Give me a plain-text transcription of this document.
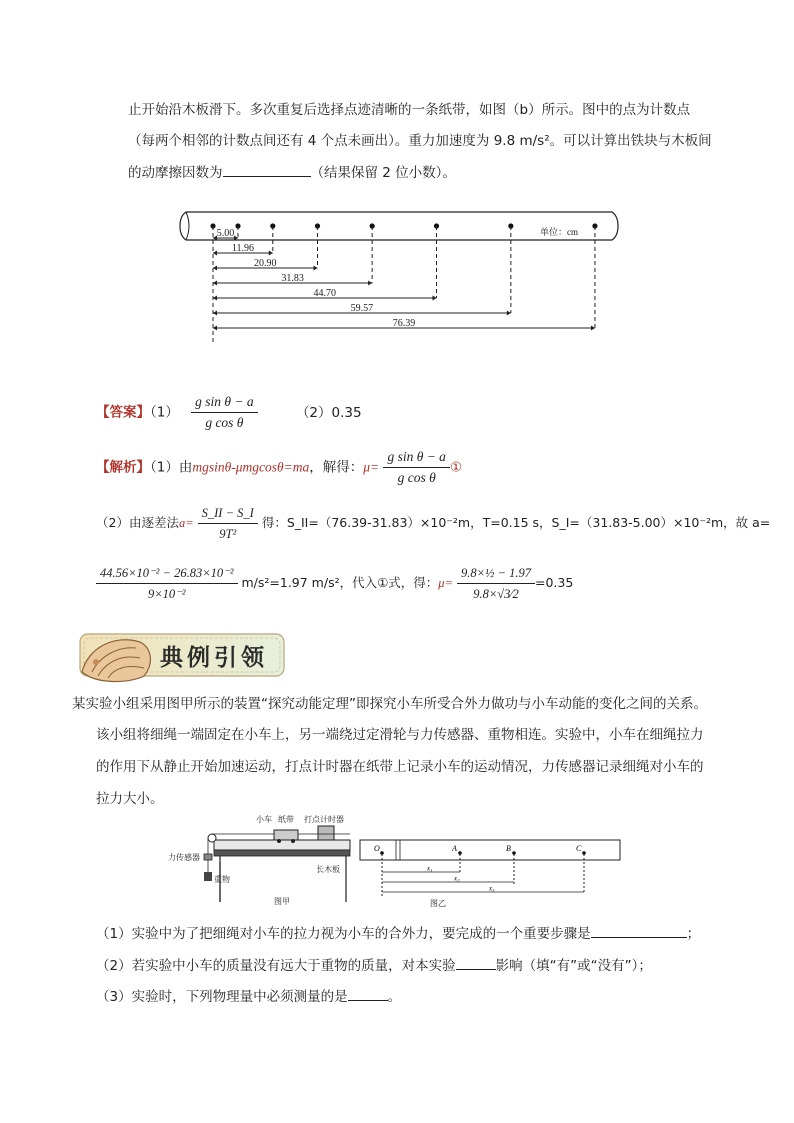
止开始沿木板滑下。多次重复后选择点迹清晰的一条纸带，如图（b）所示。图中的点为计数点
（每两个相邻的计数点间还有 4 个点未画出）。重力加速度为 9.8 m/s²。可以计算出铁块与木板间
的动摩擦因数为	（结果保留 2 位小数）。
5.00
11.96
20.90
31.83
44.70
59.57
76.39
单位：cm
【答案】$(1) \frac{\text{g sin θ − a}}{\text{g cos θ}}$	（2）0.35
【解析】（1）由mgsinθ-μmgcosθ=ma，解得：$\mu= \frac{\text{g sin θ − a}}{\text{g cos θ}}$ ①
（2）由逐差法$a= \frac{S\_II - S\_I}{\text{9T²}}$ 得：S_II=（76.39-31.83）×10⁻²m，T=0.15 s，S_I=（31.83-5.00）×10⁻²m，故 a=
$\frac{\text{44.56×10⁻² − 26.83×10⁻²}}{\text{9×10⁻²}} m/s^2=1.97$ m/s²，代入①式，得：$\mu= \frac{\text{9.8×½ − 1.97}}{9.8\times√3⁄2} =0.35$
典例引领
某实验小组采用图甲所示的装置“探究动能定理”即探究小车所受合外力做功与小车动能的变化之间的关系。
该小组将细绳一端固定在小车上，另一端绕过定滑轮与力传感器、重物相连。实验中，小车在细绳拉力
的作用下从静止开始加速运动，打点计时器在纸带上记录小车的运动情况，力传感器记录细绳对小车的
拉力大小。
小车 纸带 打点计时器
力传感器
重物
长木板
图甲
O	A	B	C
x₁
x₂
x₃
图乙
（1）实验中为了把细绳对小车的拉力视为小车的合外力，要完成的一个重要步骤是	；
（2）若实验中小车的质量没有远大于重物的质量，对本实验	影响（填“有”或“没有”）；
（3）实验时，下列物理量中必须测量的是	。
